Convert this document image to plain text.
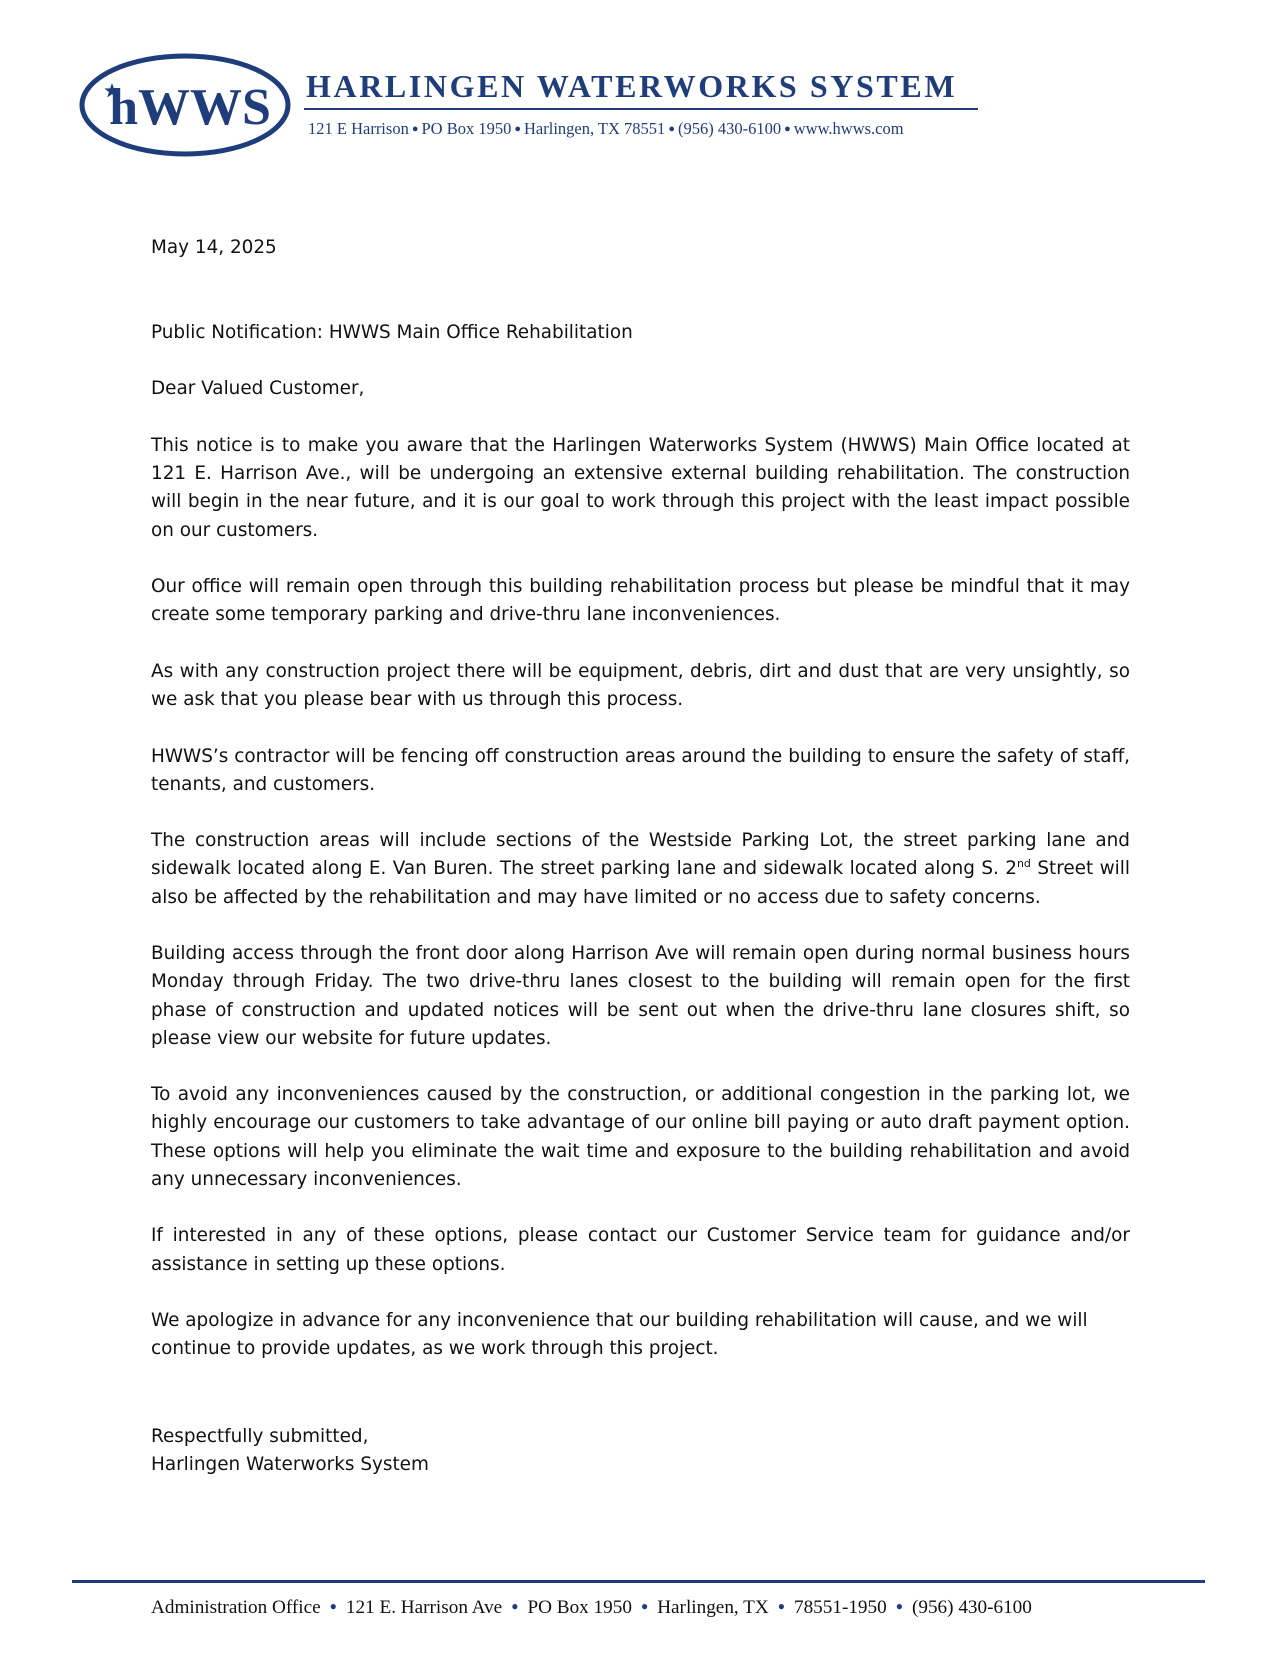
hWWS HARLINGEN WATERWORKS SYSTEM
121 E Harrison ● PO Box 1950 ● Harlingen, TX 78551 ● (956) 430-6100 ● www.hwws.com
May 14, 2025
Public Notification: HWWS Main Office Rehabilitation
Dear Valued Customer,

This notice is to make you aware that the Harlingen Waterworks System (HWWS) Main Office located at 121 E. Harrison Ave., will be undergoing an extensive external building rehabilitation. The construction will begin in the near future, and it is our goal to work through this project with the least impact possible on our customers.

Our office will remain open through this building rehabilitation process but please be mindful that it may create some temporary parking and drive-thru lane inconveniences.

As with any construction project there will be equipment, debris, dirt and dust that are very unsightly, so we ask that you please bear with us through this process.

HWWS’s contractor will be fencing off construction areas around the building to ensure the safety of staff, tenants, and customers.

The construction areas will include sections of the Westside Parking Lot, the street parking lane and sidewalk located along E. Van Buren. The street parking lane and sidewalk located along S. 2nd Street will also be affected by the rehabilitation and may have limited or no access due to safety concerns.

Building access through the front door along Harrison Ave will remain open during normal business hours Monday through Friday. The two drive-thru lanes closest to the building will remain open for the first phase of construction and updated notices will be sent out when the drive-thru lane closures shift, so please view our website for future updates.

To avoid any inconveniences caused by the construction, or additional congestion in the parking lot, we highly encourage our customers to take advantage of our online bill paying or auto draft payment option. These options will help you eliminate the wait time and exposure to the building rehabilitation and avoid any unnecessary inconveniences.

If interested in any of these options, please contact our Customer Service team for guidance and/or assistance in setting up these options.

We apologize in advance for any inconvenience that our building rehabilitation will cause, and we will continue to provide updates, as we work through this project.

Respectfully submitted,
Harlingen Waterworks System
Administration Office ● 121 E. Harrison Ave ● PO Box 1950 ● Harlingen, TX ● 78551-1950 ● (956) 430-6100
